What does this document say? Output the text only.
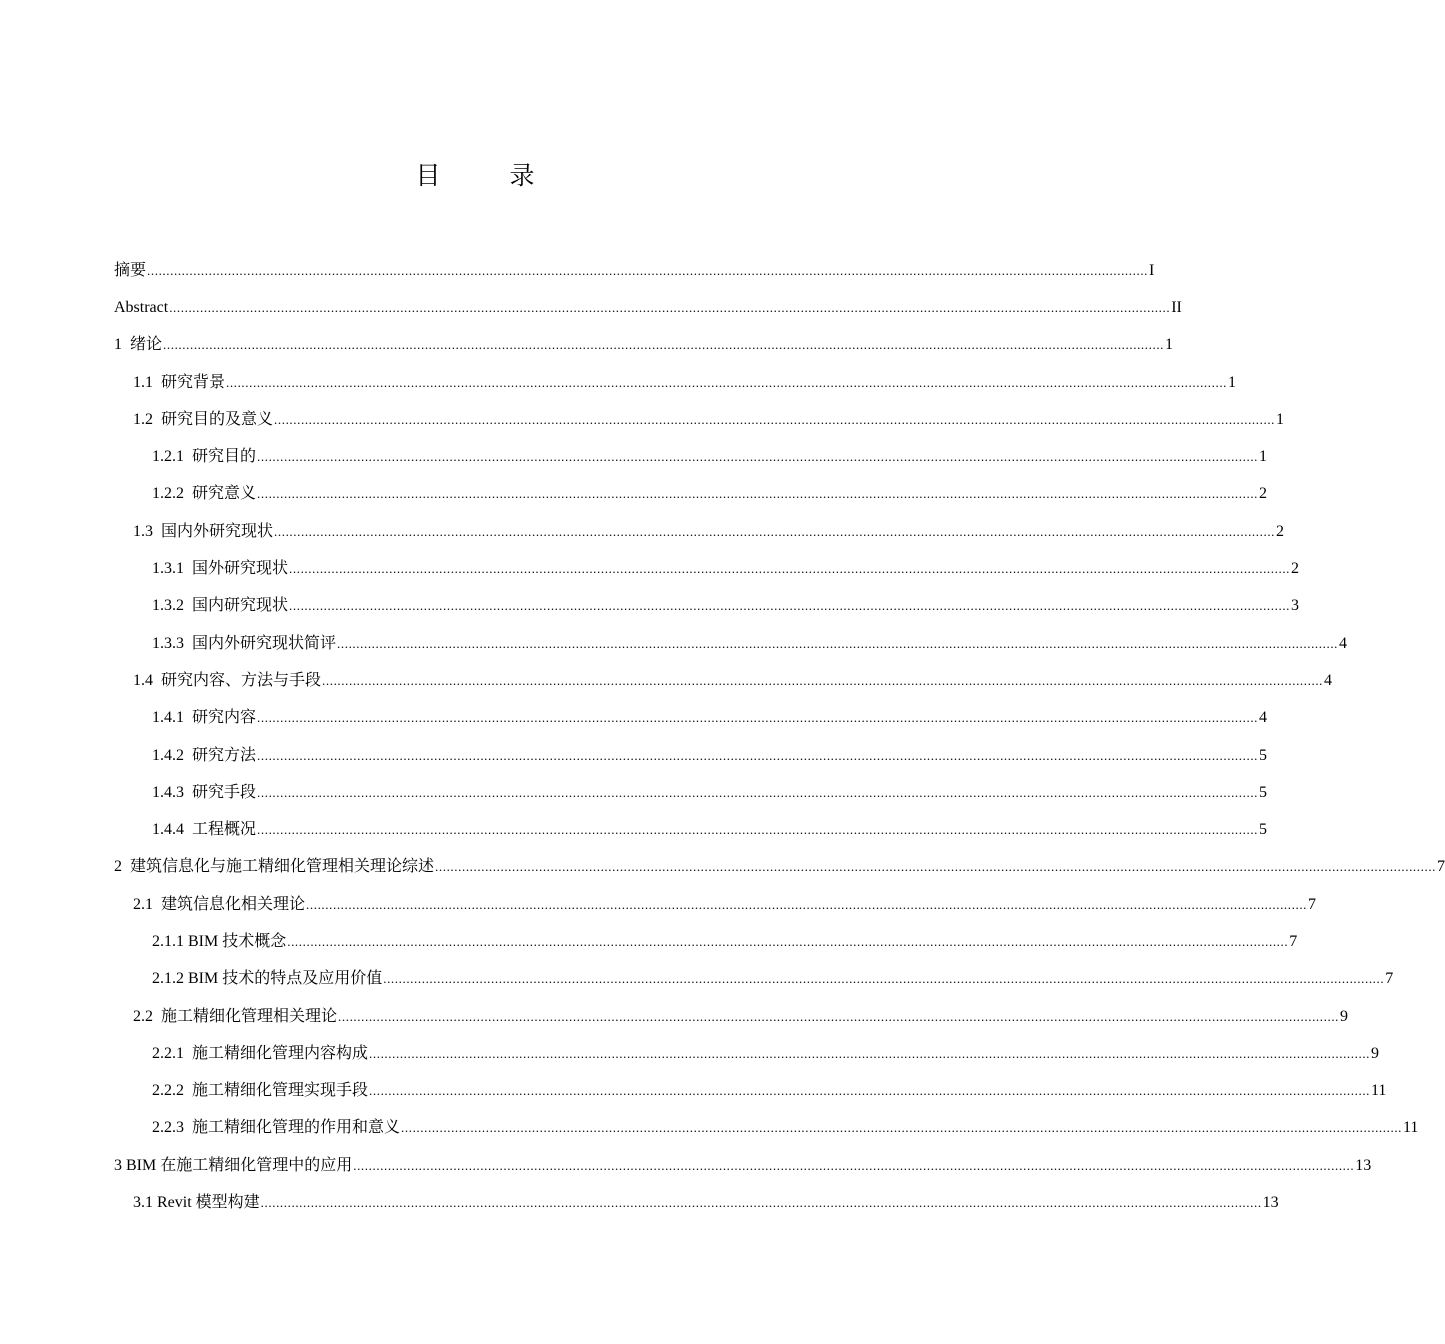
目　录
摘要 .................................................................................................................................................................................................................................................................... I
Abstract .................................................................................................................................................................................................................................................................... II
1 绪论 .................................................................................................................................................................................................................................................................... 1
1.1 研究背景 .................................................................................................................................................................................................................................................................... 1
1.2 研究目的及意义 .................................................................................................................................................................................................................................................................... 1
1.2.1 研究目的 .................................................................................................................................................................................................................................................................... 1
1.2.2 研究意义 .................................................................................................................................................................................................................................................................... 2
1.3 国内外研究现状 .................................................................................................................................................................................................................................................................... 2
1.3.1 国外研究现状 .................................................................................................................................................................................................................................................................... 2
1.3.2 国内研究现状 .................................................................................................................................................................................................................................................................... 3
1.3.3 国内外研究现状简评 .................................................................................................................................................................................................................................................................... 4
1.4 研究内容、方法与手段 .................................................................................................................................................................................................................................................................... 4
1.4.1 研究内容 .................................................................................................................................................................................................................................................................... 4
1.4.2 研究方法 .................................................................................................................................................................................................................................................................... 5
1.4.3 研究手段 .................................................................................................................................................................................................................................................................... 5
1.4.4 工程概况 .................................................................................................................................................................................................................................................................... 5
2 建筑信息化与施工精细化管理相关理论综述 .................................................................................................................................................................................................................................................................... 7
2.1 建筑信息化相关理论 .................................................................................................................................................................................................................................................................... 7
2.1.1 BIM 技术概念 .................................................................................................................................................................................................................................................................... 7
2.1.2 BIM 技术的特点及应用价值 .................................................................................................................................................................................................................................................................... 7
2.2 施工精细化管理相关理论 .................................................................................................................................................................................................................................................................... 9
2.2.1 施工精细化管理内容构成 .................................................................................................................................................................................................................................................................... 9
2.2.2 施工精细化管理实现手段 .................................................................................................................................................................................................................................................................... 11
2.2.3 施工精细化管理的作用和意义 .................................................................................................................................................................................................................................................................... 11
3 BIM 在施工精细化管理中的应用 .................................................................................................................................................................................................................................................................... 13
3.1 Revit 模型构建 .................................................................................................................................................................................................................................................................... 13
